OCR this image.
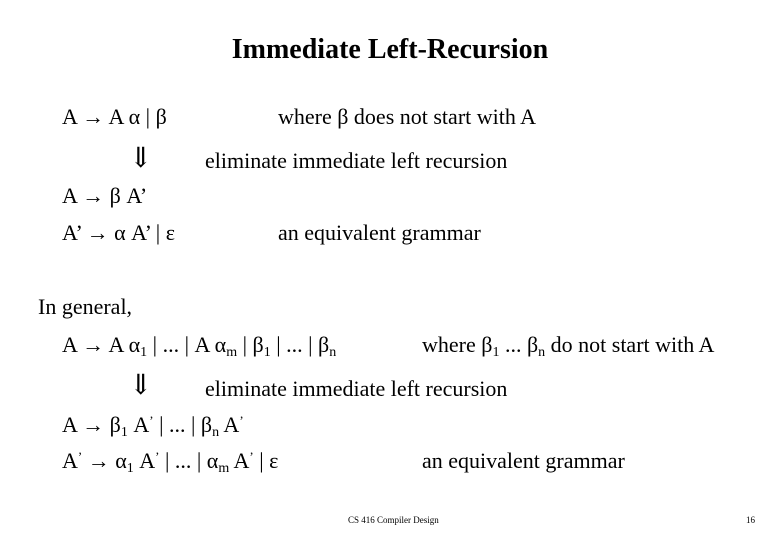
Immediate Left-Recursion
A → A α | β	where β does not start with A
⇓ eliminate immediate left recursion
A → β A’
A’ → α A’ | ε	an equivalent grammar
In general,
A → A $\alpha_1$ | ... | A $\alpha_m$ | $\beta_1$ | ... | $\beta_n$	where $\beta_1$ ... $\beta_n$ do not start with A
⇓ eliminate immediate left recursion
$A \to \beta_1$ A’ | ... | $\beta_n$ A’
$A^’ \to \alpha_1$ A’ | ... | $\alpha_m$ A’ | ε	an equivalent grammar
CS 416 Compiler Design	16
